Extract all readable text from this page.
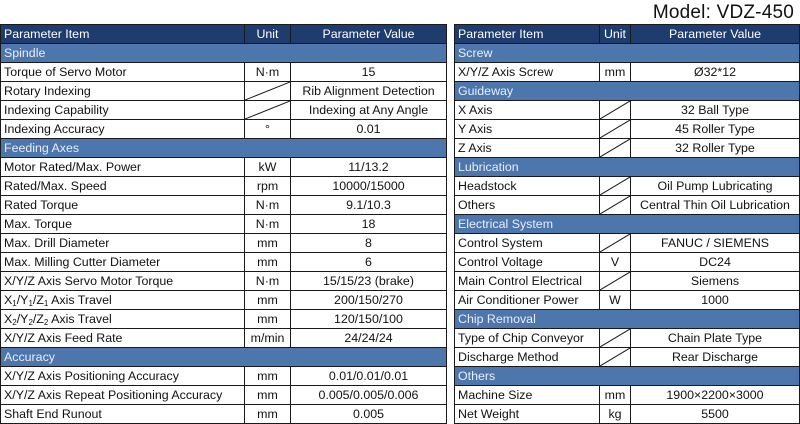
Model: VDZ-450
Parameter Item	Unit	Parameter Value
Spindle		
Torque of Servo Motor	N·m	15
Rotary Indexing		Rib Alignment Detection
Indexing Capability		Indexing at Any Angle
Indexing Accuracy	°	0.01
Feeding Axes		
Motor Rated/Max. Power	kW	11/13.2
Rated/Max. Speed	rpm	10000/15000
Rated Torque	N·m	9.1/10.3
Max. Torque	N·m	18
Max. Drill Diameter	mm	8
Max. Milling Cutter Diameter	mm	6
X/Y/Z Axis Servo Motor Torque	N·m	15/15/23 (brake)
$X_1/Y_1/Z_1$ Axis Travel	mm	200/150/270
$X_2/Y_2/Z_2$ Axis Travel	mm	120/150/100
X/Y/Z Axis Feed Rate	m/min	24/24/24
Accuracy		
X/Y/Z Axis Positioning Accuracy	mm	0.01/0.01/0.01
X/Y/Z Axis Repeat Positioning Accuracy	mm	0.005/0.005/0.006
Shaft End Runout	mm	0.005
Parameter Item	Unit	Parameter Value
Screw		
X/Y/Z Axis Screw	mm	Ø32*12
Guideway		
X Axis		32 Ball Type
Y Axis		45 Roller Type
Z Axis		32 Roller Type
Lubrication		
Headstock		Oil Pump Lubricating
Others		Central Thin Oil Lubrication
Electrical System		
Control System		FANUC / SIEMENS
Control Voltage	V	DC24
Main Control Electrical		Siemens
Air Conditioner Power	W	1000
Chip Removal		
Type of Chip Conveyor		Chain Plate Type
Discharge Method		Rear Discharge
Others		
Machine Size	mm	1900×2200×3000
Net Weight	kg	5500
